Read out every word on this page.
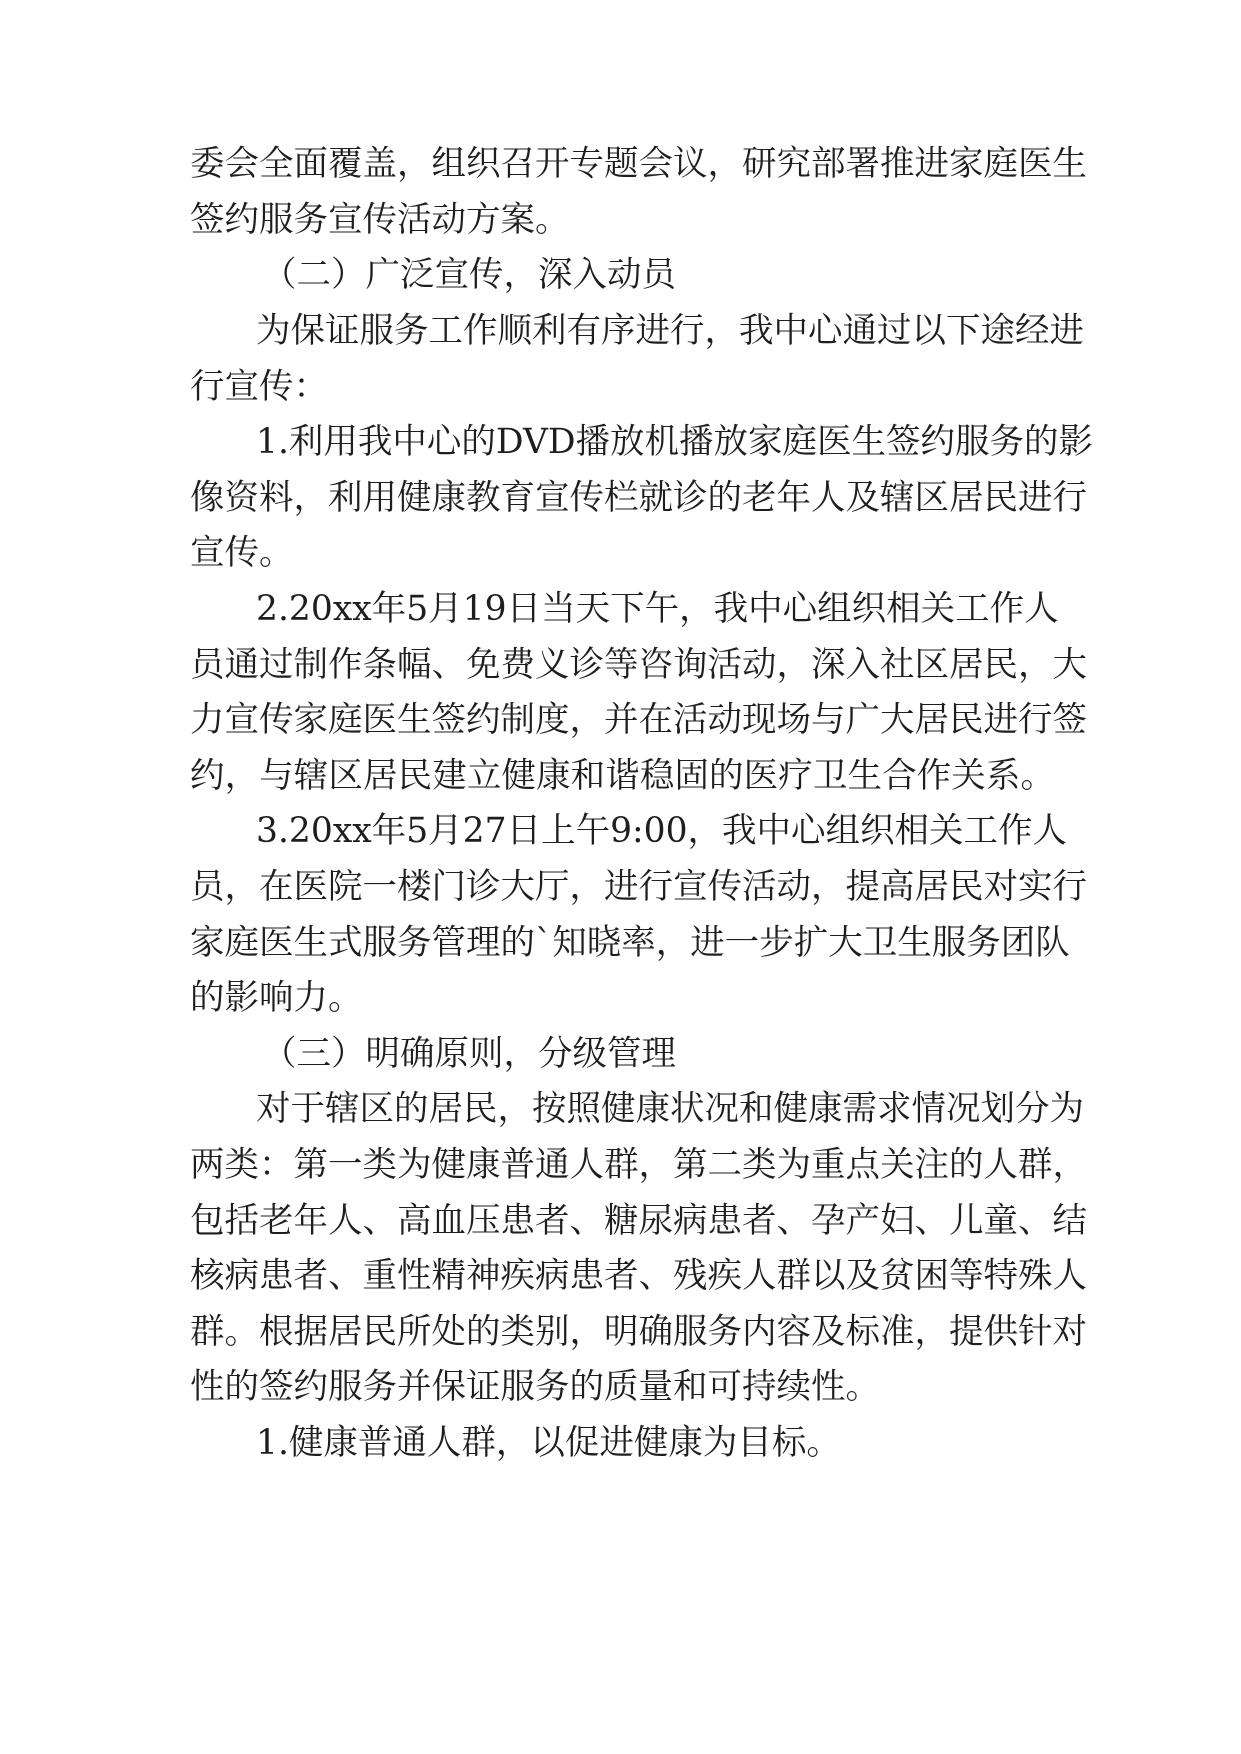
委会全面覆盖，组织召开专题会议，研究部署推进家庭医生
签约服务宣传活动方案。
（二）广泛宣传，深入动员
为保证服务工作顺利有序进行，我中心通过以下途经进
行宣传：
1.利用我中心的DVD播放机播放家庭医生签约服务的影
像资料，利用健康教育宣传栏就诊的老年人及辖区居民进行
宣传。
2.20xx年5月19日当天下午，我中心组织相关工作人
员通过制作条幅、免费义诊等咨询活动，深入社区居民，大
力宣传家庭医生签约制度，并在活动现场与广大居民进行签
约，与辖区居民建立健康和谐稳固的医疗卫生合作关系。
3.20xx年5月27日上午9:00，我中心组织相关工作人
员，在医院一楼门诊大厅，进行宣传活动，提高居民对实行
家庭医生式服务管理的`知晓率，进一步扩大卫生服务团队
的影响力。
（三）明确原则，分级管理
对于辖区的居民，按照健康状况和健康需求情况划分为
两类：第一类为健康普通人群，第二类为重点关注的人群，
包括老年人、高血压患者、糖尿病患者、孕产妇、儿童、结
核病患者、重性精神疾病患者、残疾人群以及贫困等特殊人
群。根据居民所处的类别，明确服务内容及标准，提供针对
性的签约服务并保证服务的质量和可持续性。
1.健康普通人群，以促进健康为目标。
